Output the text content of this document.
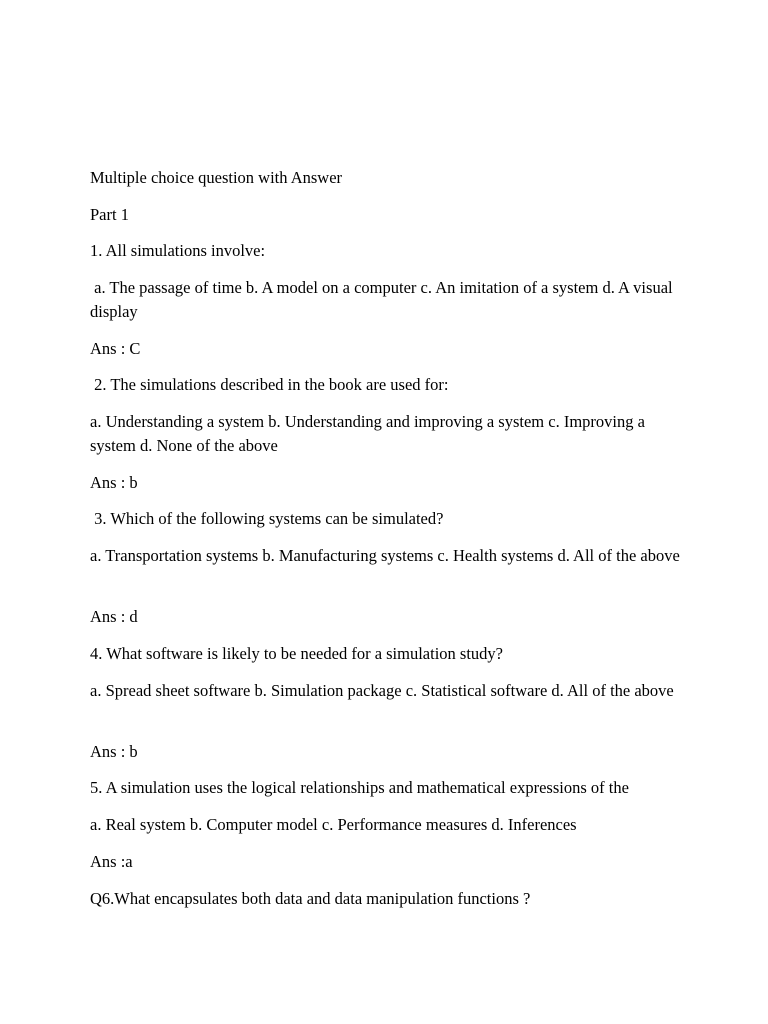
Multiple choice question with Answer

Part 1

1. All simulations involve:

a. The passage of time b. A model on a computer c. An imitation of a system d. A visual display

Ans : C

2. The simulations described in the book are used for:

a. Understanding a system b. Understanding and improving a system c. Improving a system d. None of the above

Ans : b

3. Which of the following systems can be simulated?

a. Transportation systems b. Manufacturing systems c. Health systems d. All of the above

Ans : d

4. What software is likely to be needed for a simulation study?

a. Spread sheet software b. Simulation package c. Statistical software d. All of the above

Ans : b

5. A simulation uses the logical relationships and mathematical expressions of the

a. Real system b. Computer model c. Performance measures d. Inferences

Ans :a

Q6.What encapsulates both data and data manipulation functions ?
